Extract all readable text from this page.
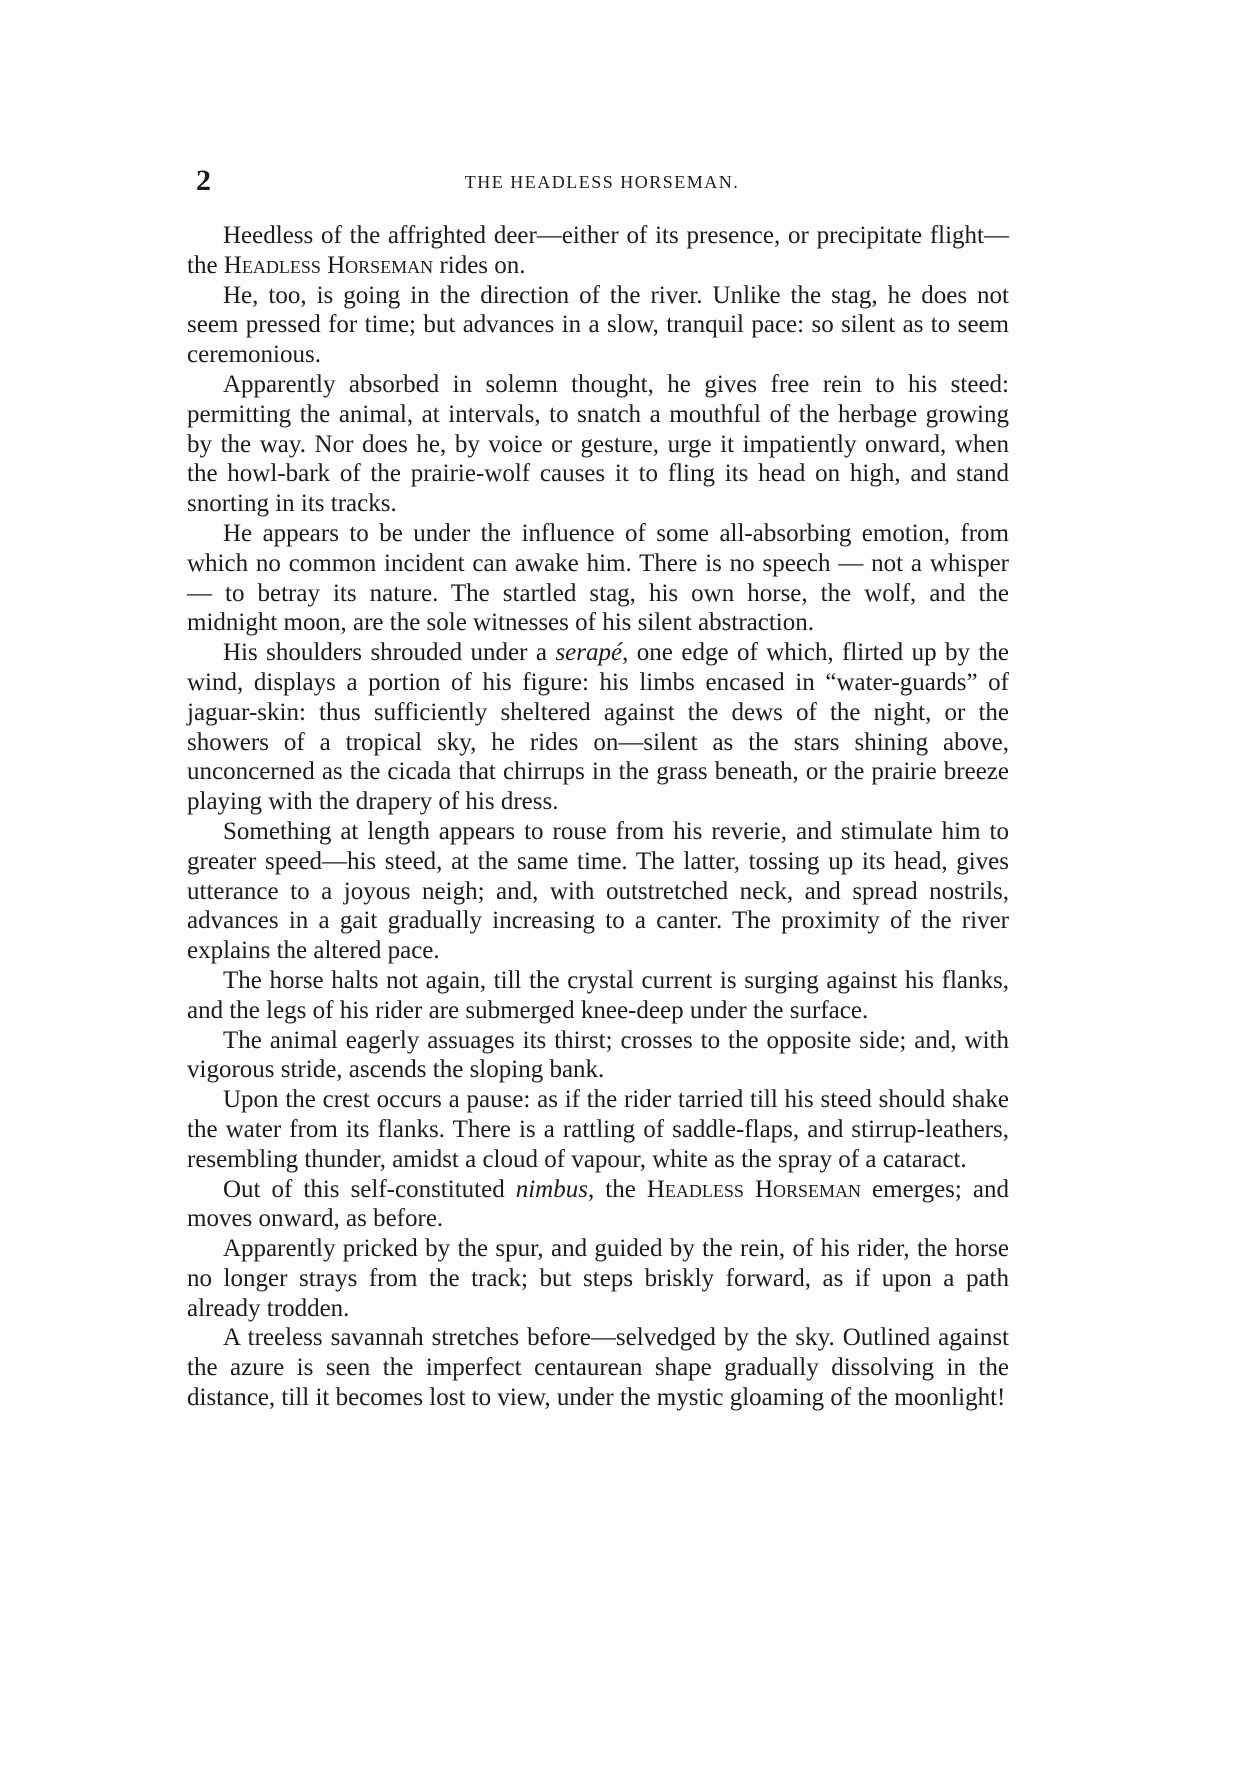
2	THE HEADLESS HORSEMAN.

Heedless of the affrighted deer—either of its presence, or precipitate flight—the Headless Horseman rides on.

He, too, is going in the direction of the river. Unlike the stag, he does not seem pressed for time; but advances in a slow, tranquil pace: so silent as to seem ceremonious.

Apparently absorbed in solemn thought, he gives free rein to his steed: permitting the animal, at intervals, to snatch a mouthful of the herbage growing by the way. Nor does he, by voice or gesture, urge it impatiently onward, when the howl-bark of the prairie-wolf causes it to fling its head on high, and stand snorting in its tracks.

He appears to be under the influence of some all-absorbing emotion, from which no common incident can awake him. There is no speech — not a whisper — to betray its nature. The startled stag, his own horse, the wolf, and the midnight moon, are the sole witnesses of his silent abstraction.

His shoulders shrouded under a serapé, one edge of which, flirted up by the wind, displays a portion of his figure: his limbs encased in “water-guards” of jaguar-skin: thus sufficiently sheltered against the dews of the night, or the showers of a tropical sky, he rides on—silent as the stars shining above, unconcerned as the cicada that chirrups in the grass beneath, or the prairie breeze playing with the drapery of his dress.

Something at length appears to rouse from his reverie, and stimulate him to greater speed—his steed, at the same time. The latter, tossing up its head, gives utterance to a joyous neigh; and, with outstretched neck, and spread nostrils, advances in a gait gradually increasing to a canter. The proximity of the river explains the altered pace.

The horse halts not again, till the crystal current is surging against his flanks, and the legs of his rider are submerged knee-deep under the surface.

The animal eagerly assuages its thirst; crosses to the opposite side; and, with vigorous stride, ascends the sloping bank.

Upon the crest occurs a pause: as if the rider tarried till his steed should shake the water from its flanks. There is a rattling of saddle-flaps, and stirrup-leathers, resembling thunder, amidst a cloud of vapour, white as the spray of a cataract.

Out of this self-constituted nimbus, the Headless Horseman emerges; and moves onward, as before.

Apparently pricked by the spur, and guided by the rein, of his rider, the horse no longer strays from the track; but steps briskly forward, as if upon a path already trodden.

A treeless savannah stretches before—selvedged by the sky. Outlined against the azure is seen the imperfect centaurean shape gradually dissolving in the distance, till it becomes lost to view, under the mystic gloaming of the moonlight!
